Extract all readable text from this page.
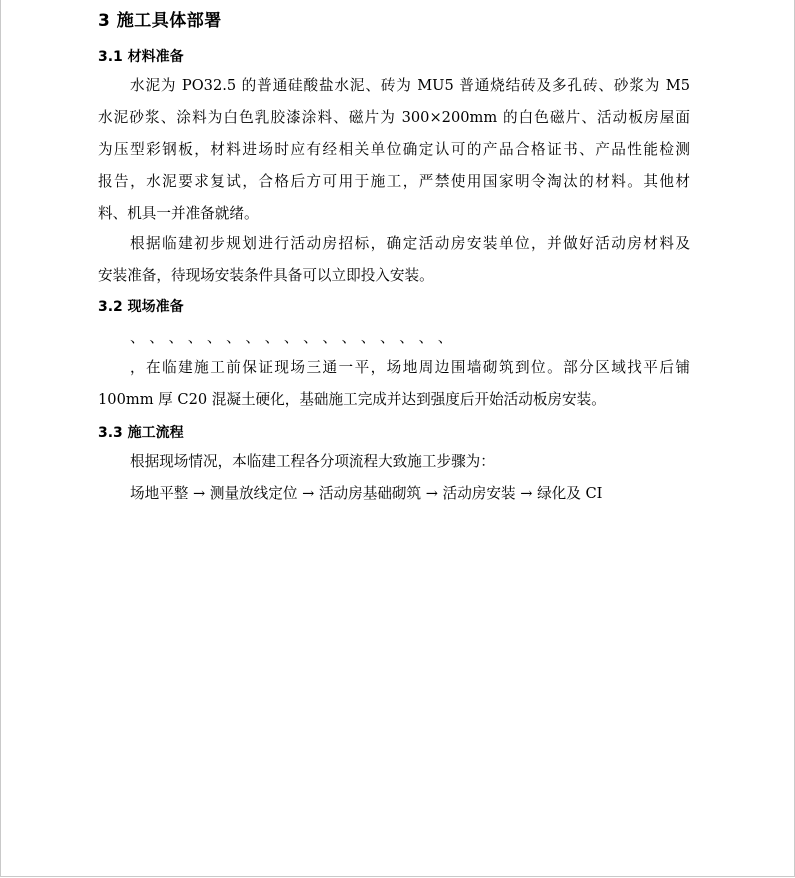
3 施工具体部署
3.1 材料准备
水泥为 PO32.5 的普通硅酸盐水泥、砖为 MU5 普通烧结砖及多孔砖、砂浆为 M5
水泥砂浆、涂料为白色乳胶漆涂料、磁片为 300×200mm 的白色磁片、活动板房屋面
为压型彩钢板，材料进场时应有经相关单位确定认可的产品合格证书、产品性能检测
报告，水泥要求复试，合格后方可用于施工，严禁使用国家明令淘汰的材料。其他材
料、机具一并准备就绪。
根据临建初步规划进行活动房招标，确定活动房安装单位，并做好活动房材料及
安装准备，待现场安装条件具备可以立即投入安装。
3.2 现场准备
、 、 、 、 、 、 、 、 、 、 、 、 、 、 、 、 、
，在临建施工前保证现场三通一平，场地周边围墙砌筑到位。部分区域找平后铺
100mm 厚 C20 混凝土硬化，基础施工完成并达到强度后开始活动板房安装。
3.3 施工流程
根据现场情况，本临建工程各分项流程大致施工步骤为：
场地平整 → 测量放线定位 → 活动房基础砌筑 → 活动房安装 → 绿化及 CI
